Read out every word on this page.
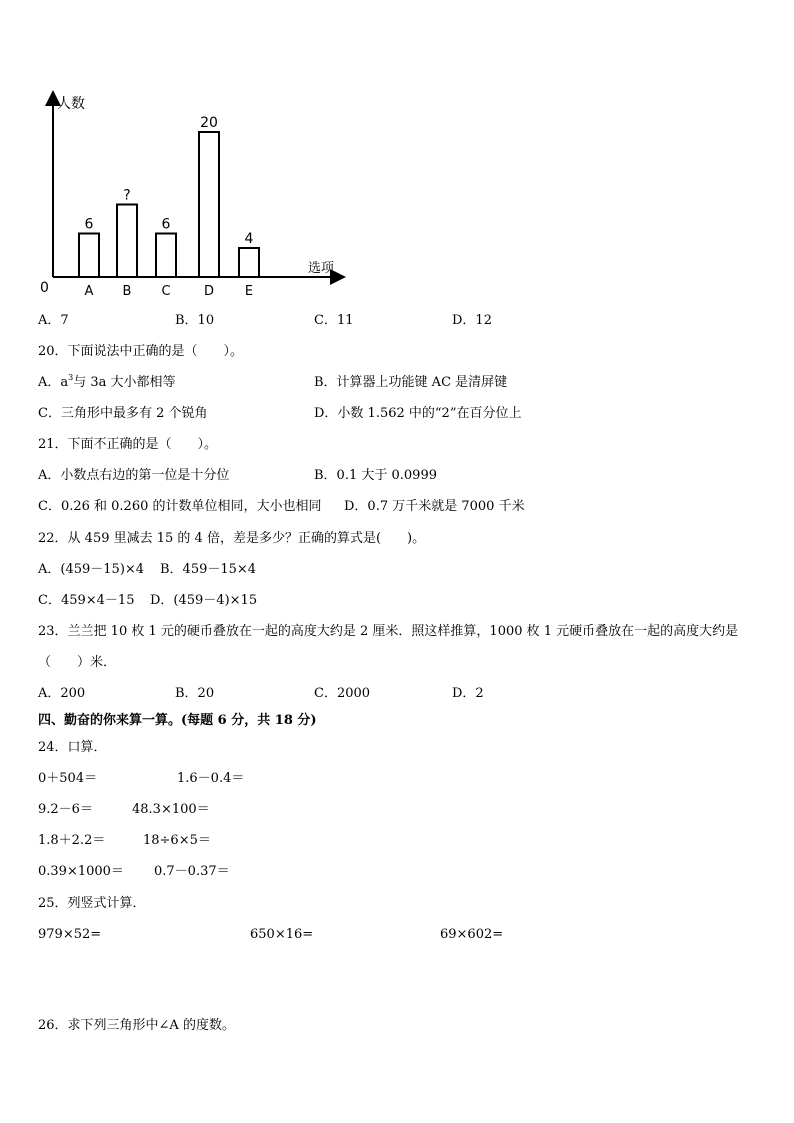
人数
选项
0
6
A
?
B
6
C
20
D
4
E
A．7	B．10	C．11	D．12
20．下面说法中正确的是（　　）。
A．$a^3$与 3a 大小都相等	B．计算器上功能键 AC 是清屏键
C．三角形中最多有 2 个锐角	D．小数 1.562 中的“2”在百分位上
21．下面不正确的是（　　）。
A．小数点右边的第一位是十分位	B．0.1 大于 0.0999
C．0.26 和 0.260 的计数单位相同，大小也相同 D．0.7 万千米就是 7000 千米
22．从 459 里减去 15 的 4 倍，差是多少？正确的算式是(　　)。
A．(459－15)×4 B．459－15×4
C．459×4－15 D．(459－4)×15
23．兰兰把 10 枚 1 元的硬币叠放在一起的高度大约是 2 厘米．照这样推算，1000 枚 1 元硬币叠放在一起的高度大约是
（　　）米．
A．200	B．20	C．2000	D．2
四、勤奋的你来算一算。(每题 6 分，共 18 分)
24．口算．
0＋504＝	1.6－0.4＝
9.2－6＝	48.3×100＝
1.8＋2.2＝	18÷6×5＝
0.39×1000＝ 0.7－0.37＝
25．列竖式计算．
979×52=	650×16=	69×602=
26．求下列三角形中∠A 的度数。
